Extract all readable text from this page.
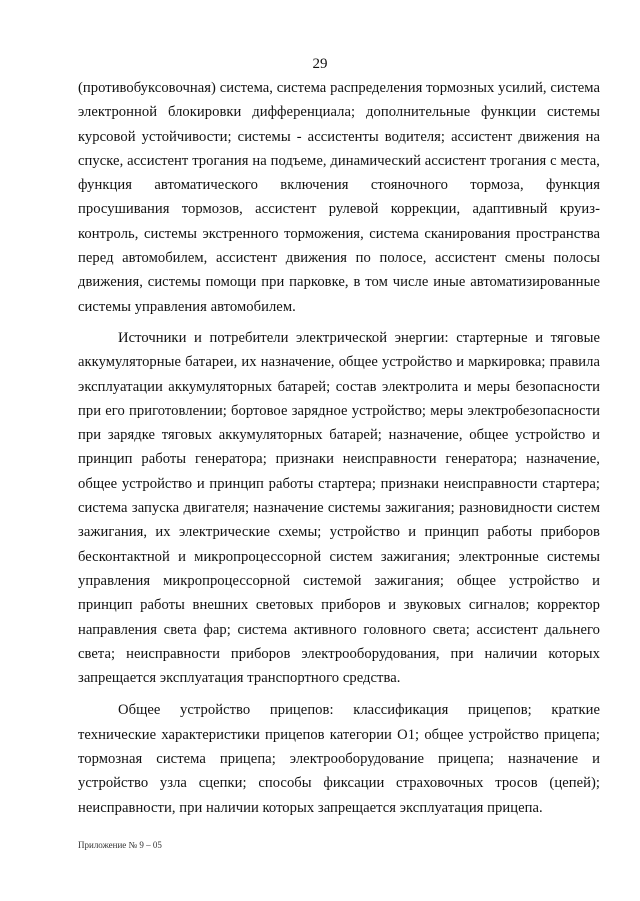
29

(противобуксовочная) система, система распределения тормозных усилий, система электронной блокировки дифференциала; дополнительные функции системы курсовой устойчивости; системы - ассистенты водителя; ассистент движения на спуске, ассистент трогания на подъеме, динамический ассистент трогания с места, функция автоматического включения стояночного тормоза, функция просушивания тормозов, ассистент рулевой коррекции, адаптивный круиз-контроль, системы экстренного торможения, система сканирования пространства перед автомобилем, ассистент движения по полосе, ассистент смены полосы движения, системы помощи при парковке, в том числе иные автоматизированные системы управления автомобилем.

Источники и потребители электрической энергии: стартерные и тяговые аккумуляторные батареи, их назначение, общее устройство и маркировка; правила эксплуатации аккумуляторных батарей; состав электролита и меры безопасности при его приготовлении; бортовое зарядное устройство; меры электробезопасности при зарядке тяговых аккумуляторных батарей; назначение, общее устройство и принцип работы генератора; признаки неисправности генератора; назначение, общее устройство и принцип работы стартера; признаки неисправности стартера; система запуска двигателя; назначение системы зажигания; разновидности систем зажигания, их электрические схемы; устройство и принцип работы приборов бесконтактной и микропроцессорной систем зажигания; электронные системы управления микропроцессорной системой зажигания; общее устройство и принцип работы внешних световых приборов и звуковых сигналов; корректор направления света фар; система активного головного света; ассистент дальнего света; неисправности приборов электрооборудования, при наличии которых запрещается эксплуатация транспортного средства.

Общее устройство прицепов: классификация прицепов; краткие технические характеристики прицепов категории О1; общее устройство прицепа; тормозная система прицепа; электрооборудование прицепа; назначение и устройство узла сцепки; способы фиксации страховочных тросов (цепей); неисправности, при наличии которых запрещается эксплуатация прицепа.

Приложение № 9 – 05
